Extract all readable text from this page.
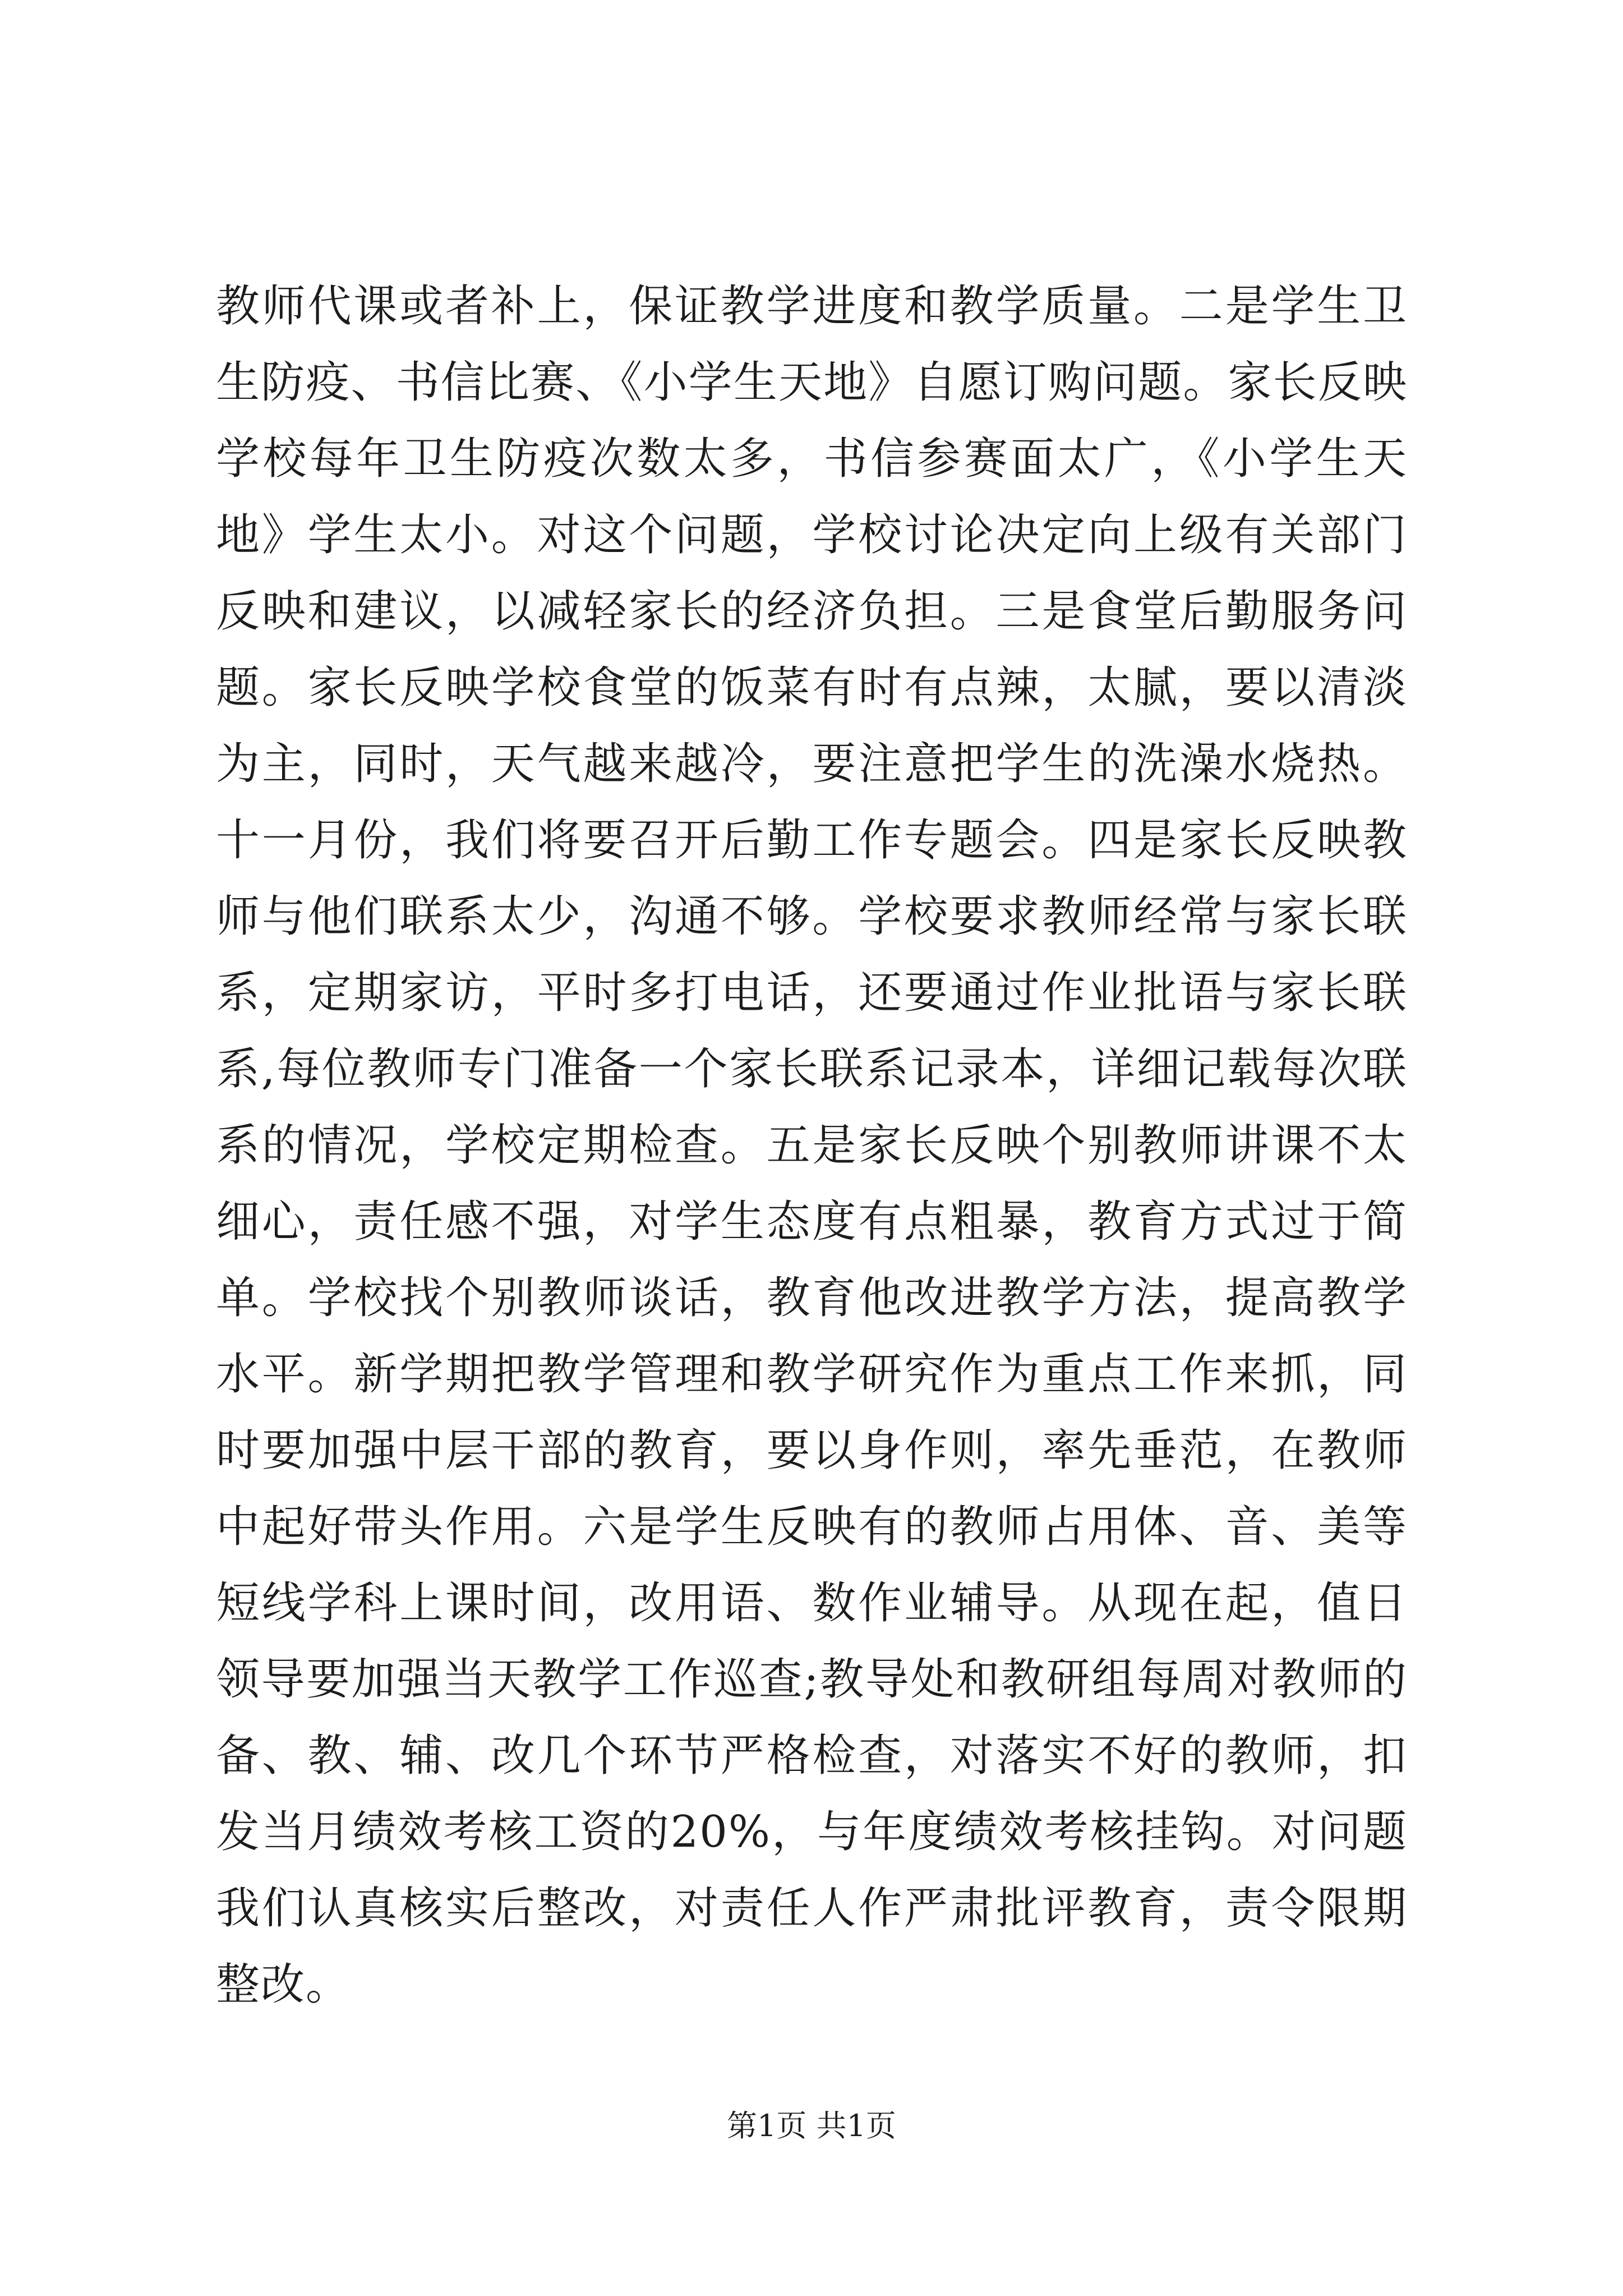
教师代课或者补上，保证教学进度和教学质量。二是学生卫生防疫、书信比赛、《小学生天地》自愿订购问题。家长反映学校每年卫生防疫次数太多，书信参赛面太广，《小学生天地》学生太小。对这个问题，学校讨论决定向上级有关部门反映和建议，以减轻家长的经济负担。三是食堂后勤服务问题。家长反映学校食堂的饭菜有时有点辣，太腻，要以清淡为主，同时，天气越来越冷，要注意把学生的洗澡水烧热。十一月份，我们将要召开后勤工作专题会。四是家长反映教师与他们联系太少，沟通不够。学校要求教师经常与家长联系，定期家访，平时多打电话，还要通过作业批语与家长联系,每位教师专门准备一个家长联系记录本，详细记载每次联系的情况，学校定期检查。五是家长反映个别教师讲课不太细心，责任感不强，对学生态度有点粗暴，教育方式过于简单。学校找个别教师谈话，教育他改进教学方法，提高教学水平。新学期把教学管理和教学研究作为重点工作来抓，同时要加强中层干部的教育，要以身作则，率先垂范，在教师中起好带头作用。六是学生反映有的教师占用体、音、美等短线学科上课时间，改用语、数作业辅导。从现在起，值日领导要加强当天教学工作巡查;教导处和教研组每周对教师的备、教、辅、改几个环节严格检查，对落实不好的教师，扣发当月绩效考核工资的20%，与年度绩效考核挂钩。对问题我们认真核实后整改，对责任人作严肃批评教育，责令限期整改。

第1页 共1页
